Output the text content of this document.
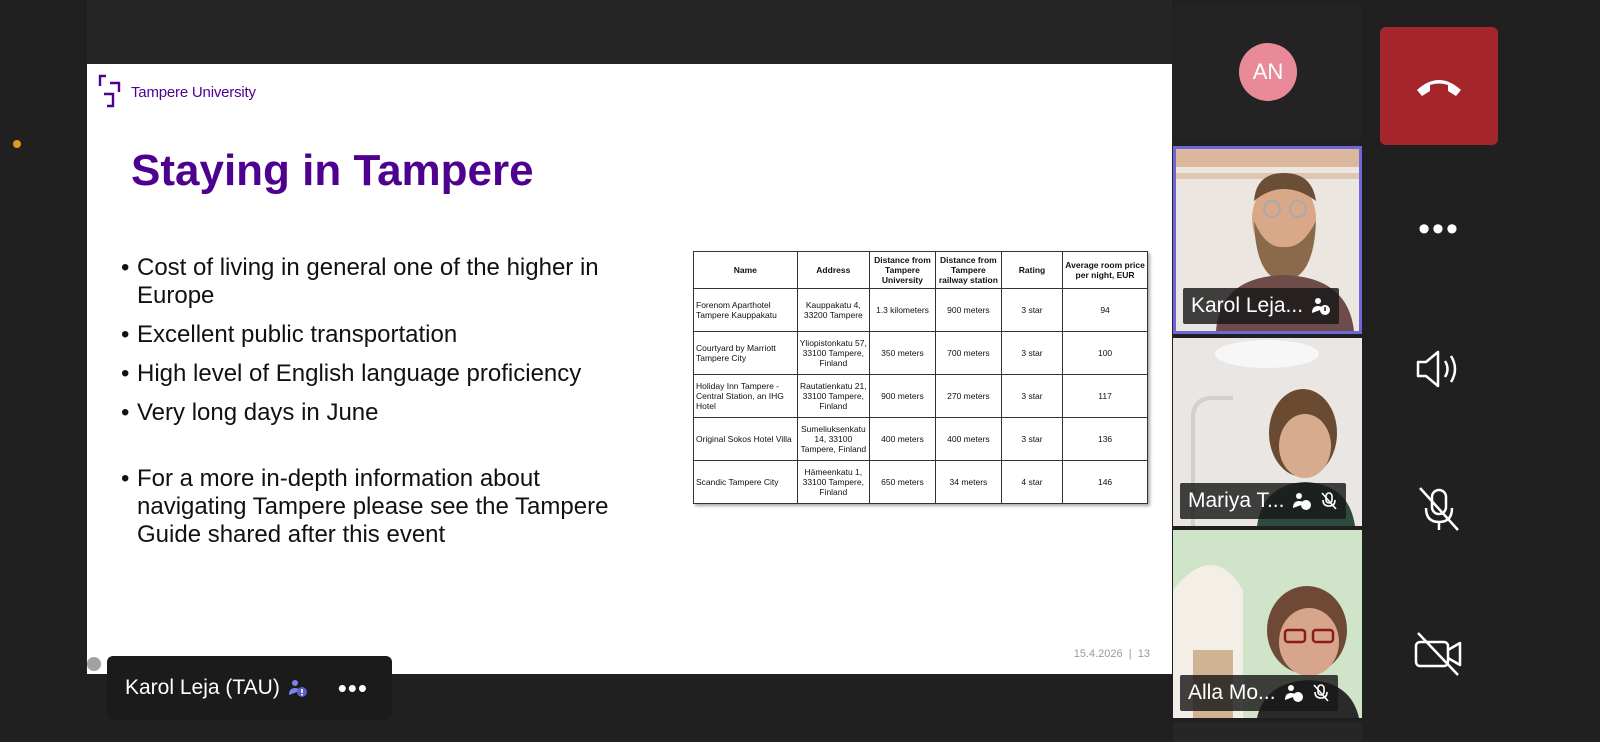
Tampere University
Staying in Tampere
• Cost of living in general one of the higher in Europe
• Excellent public transportation
• High level of English language proficiency
• Very long days in June
• For a more in-depth information about navigating Tampere please see the Tampere Guide shared after this event
Name	Address	Distance from Tampere University	Distance from Tampere railway station	Rating	Average room price per night, EUR
Forenom Aparthotel Tampere Kauppakatu	Kauppakatu 4, 33200 Tampere	1.3 kilometers	900 meters	3 star	94
Courtyard by Marriott Tampere City	Yliopistonkatu 57, 33100 Tampere, Finland	350 meters	700 meters	3 star	100
Holiday Inn Tampere - Central Station, an IHG Hotel	Rautatienkatu 21, 33100 Tampere, Finland	900 meters	270 meters	3 star	117
Original Sokos Hotel Villa	Sumeliuksenkatu 14, 33100 Tampere, Finland	400 meters	400 meters	3 star	136
Scandic Tampere City	Hämeenkatu 1, 33100 Tampere, Finland	650 meters	34 meters	4 star	146
15.4.2026 | 13
Karol Leja (TAU) •••
AN
Karol Leja...
Mariya T...
Alla Mo...
•••
